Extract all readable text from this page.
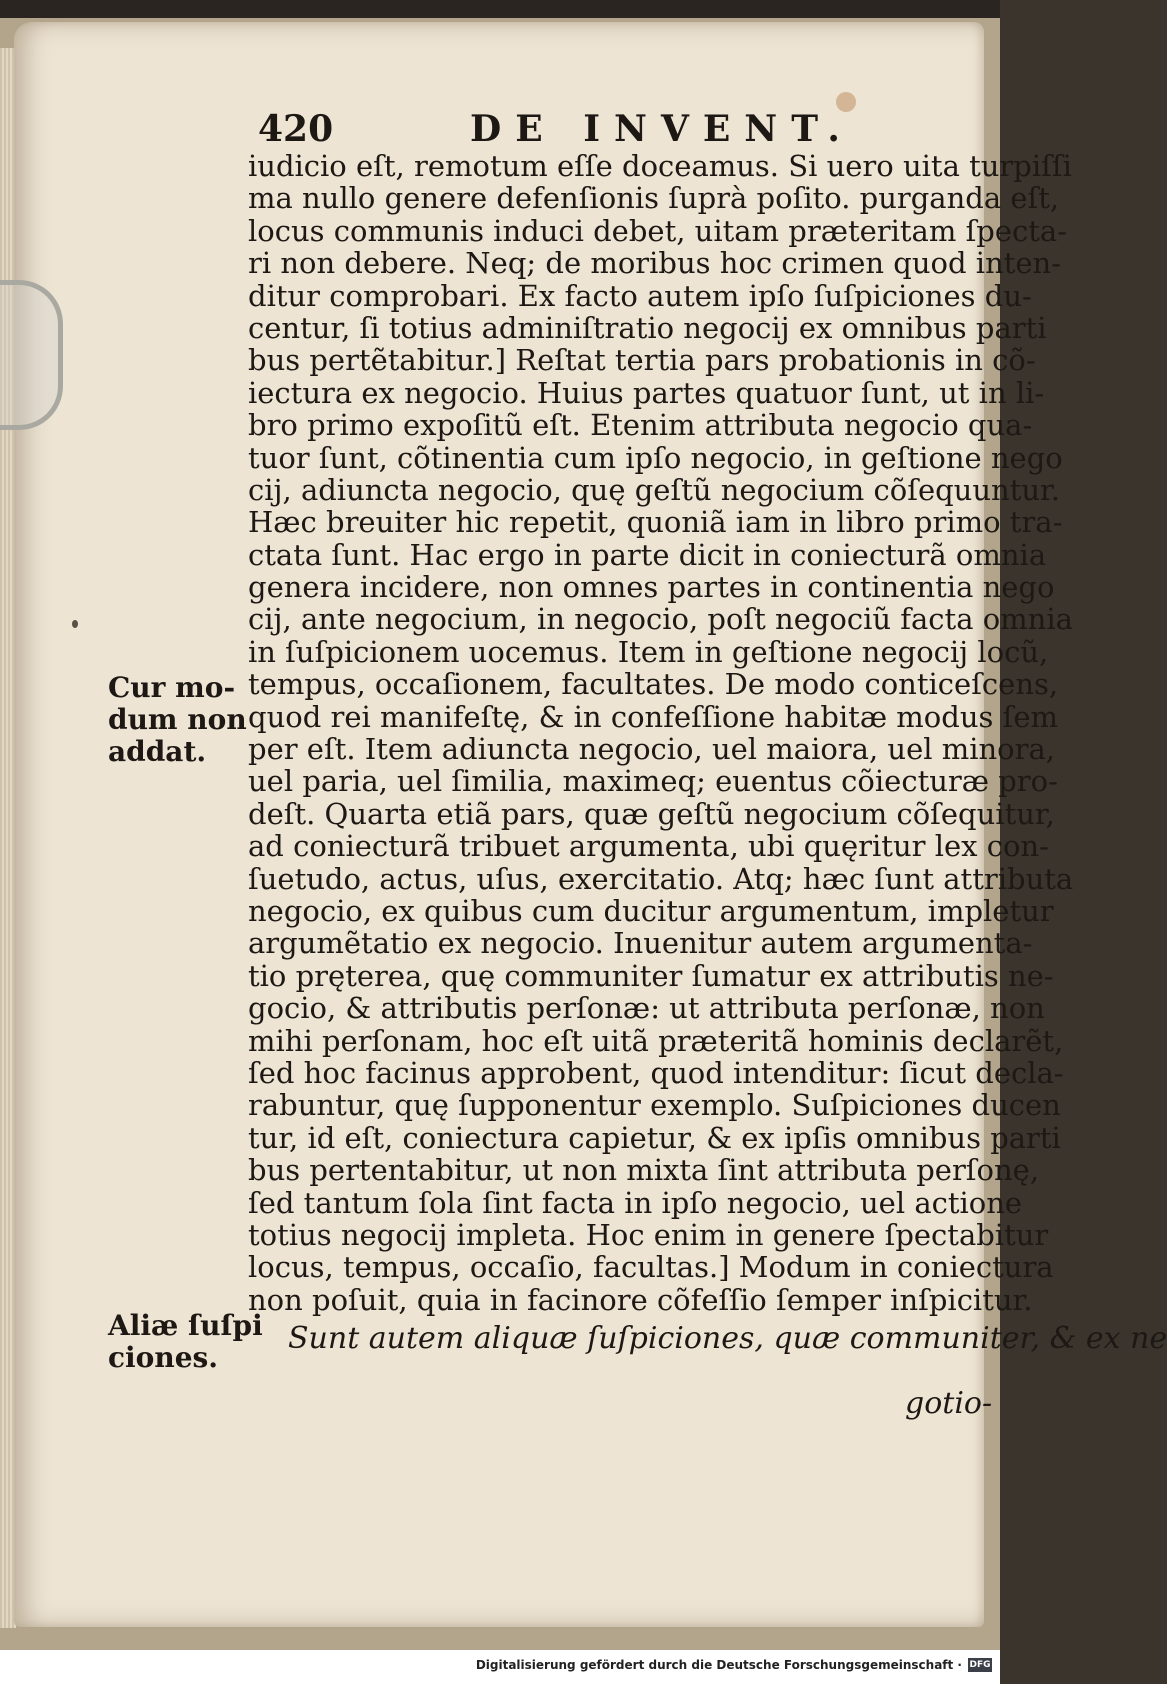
420	DE INVENT.
iudicio eſt, remotum eſſe doceamus. Si uero uita turpiſſi
ma nullo genere defenſionis ſuprà poſito. purganda eſt,
locus communis induci debet, uitam præteritam ſpecta-
ri non debere. Neq; de moribus hoc crimen quod inten-
ditur comprobari. Ex facto autem ipſo ſuſpiciones du-
centur, ſi totius adminiſtratio negocij ex omnibus parti
bus pertẽtabitur.] Reſtat tertia pars probationis in cõ-
iectura ex negocio. Huius partes quatuor ſunt, ut in li-
bro primo expoſitũ eſt. Etenim attributa negocio qua-
tuor ſunt, cõtinentia cum ipſo negocio, in geſtione nego
cij, adiuncta negocio, quę geſtũ negocium cõſequuntur.
Hæc breuiter hic repetit, quoniã iam in libro primo tra-
ctata ſunt. Hac ergo in parte dicit in coniecturã omnia
genera incidere, non omnes partes in continentia nego
cij, ante negocium, in negocio, poſt negociũ facta omnia
in ſuſpicionem uocemus. Item in geſtione negocij locũ,
tempus, occaſionem, facultates. De modo conticeſcens,
quod rei manifeſtę, & in confeſſione habitæ modus ſem
per eſt. Item adiuncta negocio, uel maiora, uel minora,
uel paria, uel ſimilia, maximeq; euentus cõiecturæ pro-
deſt. Quarta etiã pars, quæ geſtũ negocium cõſequitur,
ad coniecturã tribuet argumenta, ubi quęritur lex con-
ſuetudo, actus, uſus, exercitatio. Atq; hæc ſunt attributa
negocio, ex quibus cum ducitur argumentum, impletur
argumẽtatio ex negocio. Inuenitur autem argumenta-
tio pręterea, quę communiter ſumatur ex attributis ne-
gocio, & attributis perſonæ: ut attributa perſonæ, non
mihi perſonam, hoc eſt uitã præteritã hominis declarẽt,
ſed hoc facinus approbent, quod intenditur: ſicut decla-
rabuntur, quę ſupponentur exemplo. Suſpiciones ducen
tur, id eſt, coniectura capietur, & ex ipſis omnibus parti
bus pertentabitur, ut non mixta ſint attributa perſonę,
ſed tantum ſola ſint facta in ipſo negocio, uel actione
totius negocij impleta. Hoc enim in genere ſpectabitur
locus, tempus, occaſio, facultas.] Modum in coniectura
non poſuit, quia in facinore cõfeſſio ſemper inſpicitur.
Cur mo-
dum non
addat.
Aliæ ſuſpi
ciones.
Sunt autem aliquæ ſuſpiciones, quæ communiter, & ex ne
gotio-
Digitalisierung gefördert durch die Deutsche Forschungsgemeinschaft · DFG
